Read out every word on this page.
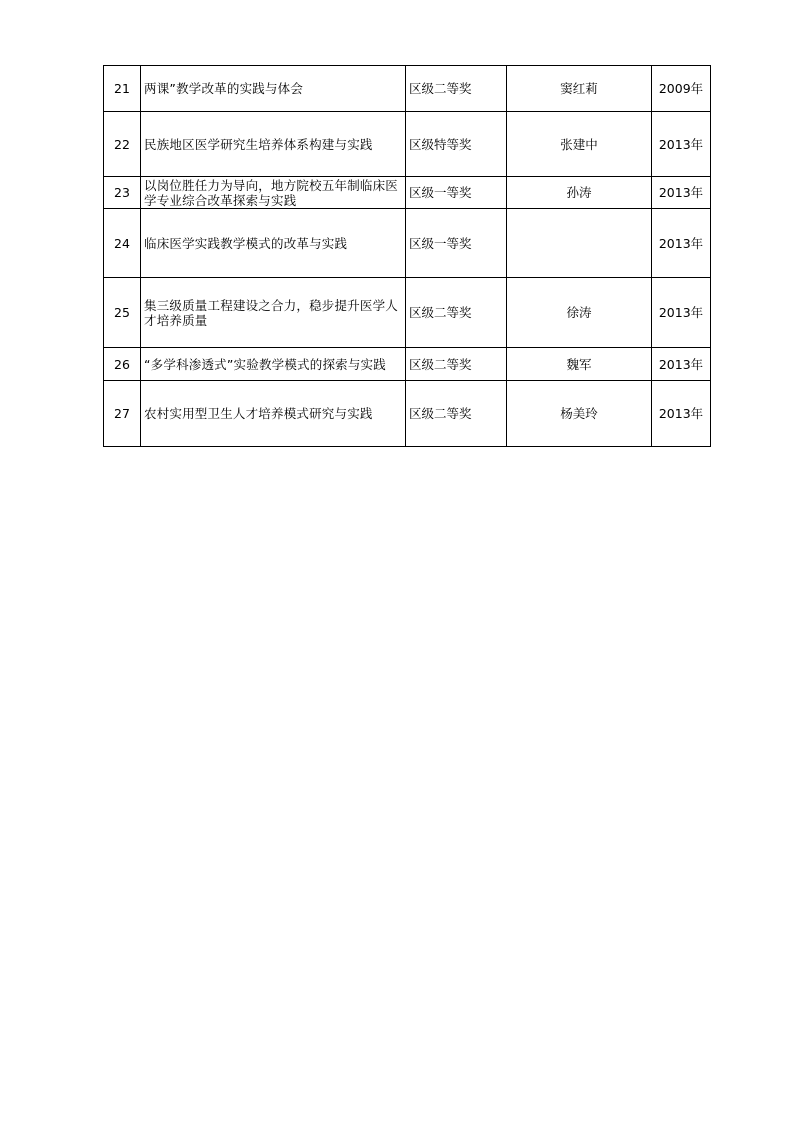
21	两课”教学改革的实践与体会	区级二等奖	窦红莉	2009年
22	民族地区医学研究生培养体系构建与实践	区级特等奖	张建中	2013年
23	以岗位胜任力为导向，地方院校五年制临床医学专业综合改革探索与实践	区级一等奖	孙涛	2013年
24	临床医学实践教学模式的改革与实践	区级一等奖		2013年
25	集三级质量工程建设之合力，稳步提升医学人才培养质量	区级二等奖	徐涛	2013年
26	“多学科渗透式”实验教学模式的探索与实践	区级二等奖	魏军	2013年
27	农村实用型卫生人才培养模式研究与实践	区级二等奖	杨美玲	2013年
